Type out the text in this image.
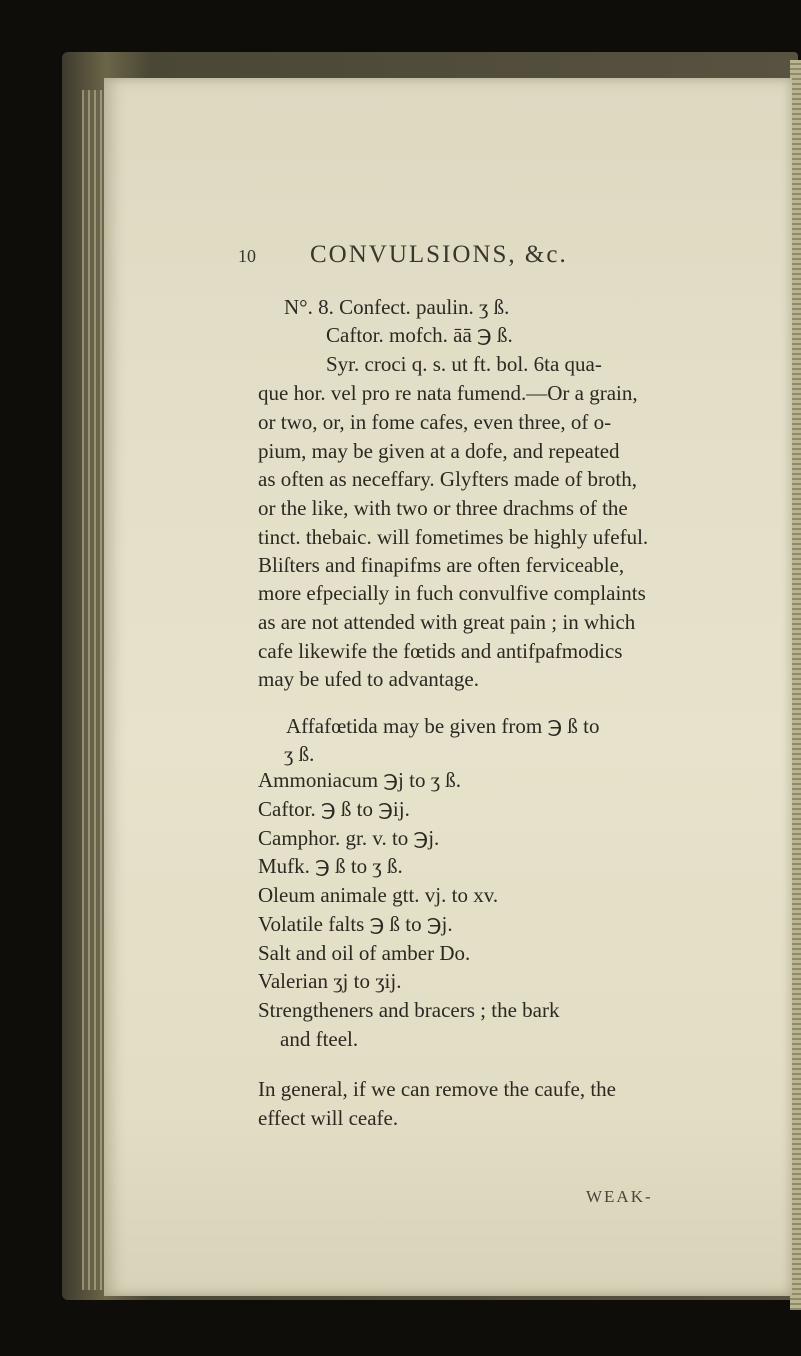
10 CONVULSIONS, &c.
N°. 8. Confect. paulin. ʒ ß.
Caftor. mofch. āā ℈ ß.
Syr. croci q. s. ut ft. bol. 6ta qua-
que hor. vel pro re nata fumend.—Or a grain,
or two, or, in fome cafes, even three, of o-
pium, may be given at a dofe, and repeated
as often as neceffary. Glyfters made of broth,
or the like, with two or three drachms of the
tinct. thebaic. will fometimes be highly ufeful.
Bliſters and finapifms are often ferviceable,
more efpecially in fuch convulfive complaints
as are not attended with great pain ; in which
cafe likewife the fœtids and antifpafmodics
may be ufed to advantage.
Affafœtida may be given from ℈ ß to
ʒ ß.
Ammoniacum ℈j to ʒ ß.
Caftor. ℈ ß to ℈ij.
Camphor. gr. v. to ℈j.
Mufk. ℈ ß to ʒ ß.
Oleum animale gtt. vj. to xv.
Volatile falts ℈ ß to ℈j.
Salt and oil of amber Do.
Valerian ʒj to ʒij.
Strengtheners and bracers ; the bark
and fteel.
In general, if we can remove the caufe, the
effect will ceafe.
WEAK-
